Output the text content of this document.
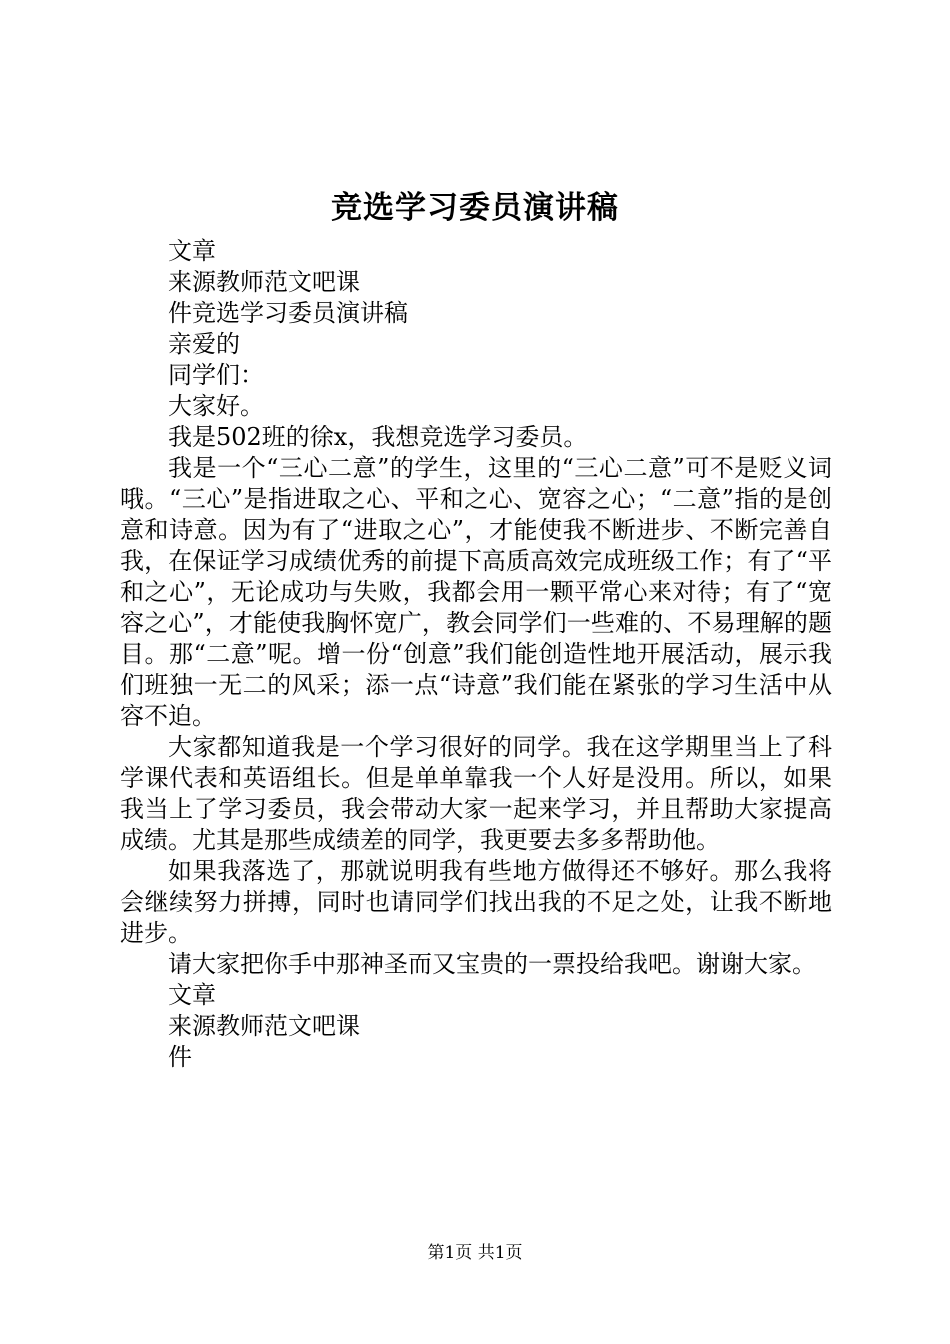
竞选学习委员演讲稿

文章

来源教师范文吧课

件竞选学习委员演讲稿

亲爱的

同学们：

大家好。

我是502班的徐x，我想竞选学习委员。

我是一个“三心二意”的学生，这里的“三心二意”可不是贬义词哦。“三心”是指进取之心、平和之心、宽容之心；“二意”指的是创意和诗意。因为有了“进取之心”，才能使我不断进步、不断完善自我，在保证学习成绩优秀的前提下高质高效完成班级工作；有了“平和之心”，无论成功与失败，我都会用一颗平常心来对待；有了“宽容之心”，才能使我胸怀宽广，教会同学们一些难的、不易理解的题目。那“二意”呢。增一份“创意”我们能创造性地开展活动，展示我们班独一无二的风采；添一点“诗意”我们能在紧张的学习生活中从容不迫。

大家都知道我是一个学习很好的同学。我在这学期里当上了科学课代表和英语组长。但是单单靠我一个人好是没用。所以，如果我当上了学习委员，我会带动大家一起来学习，并且帮助大家提高成绩。尤其是那些成绩差的同学，我更要去多多帮助他。

如果我落选了，那就说明我有些地方做得还不够好。那么我将会继续努力拼搏，同时也请同学们找出我的不足之处，让我不断地进步。

请大家把你手中那神圣而又宝贵的一票投给我吧。谢谢大家。

文章

来源教师范文吧课

件

第1页 共1页
